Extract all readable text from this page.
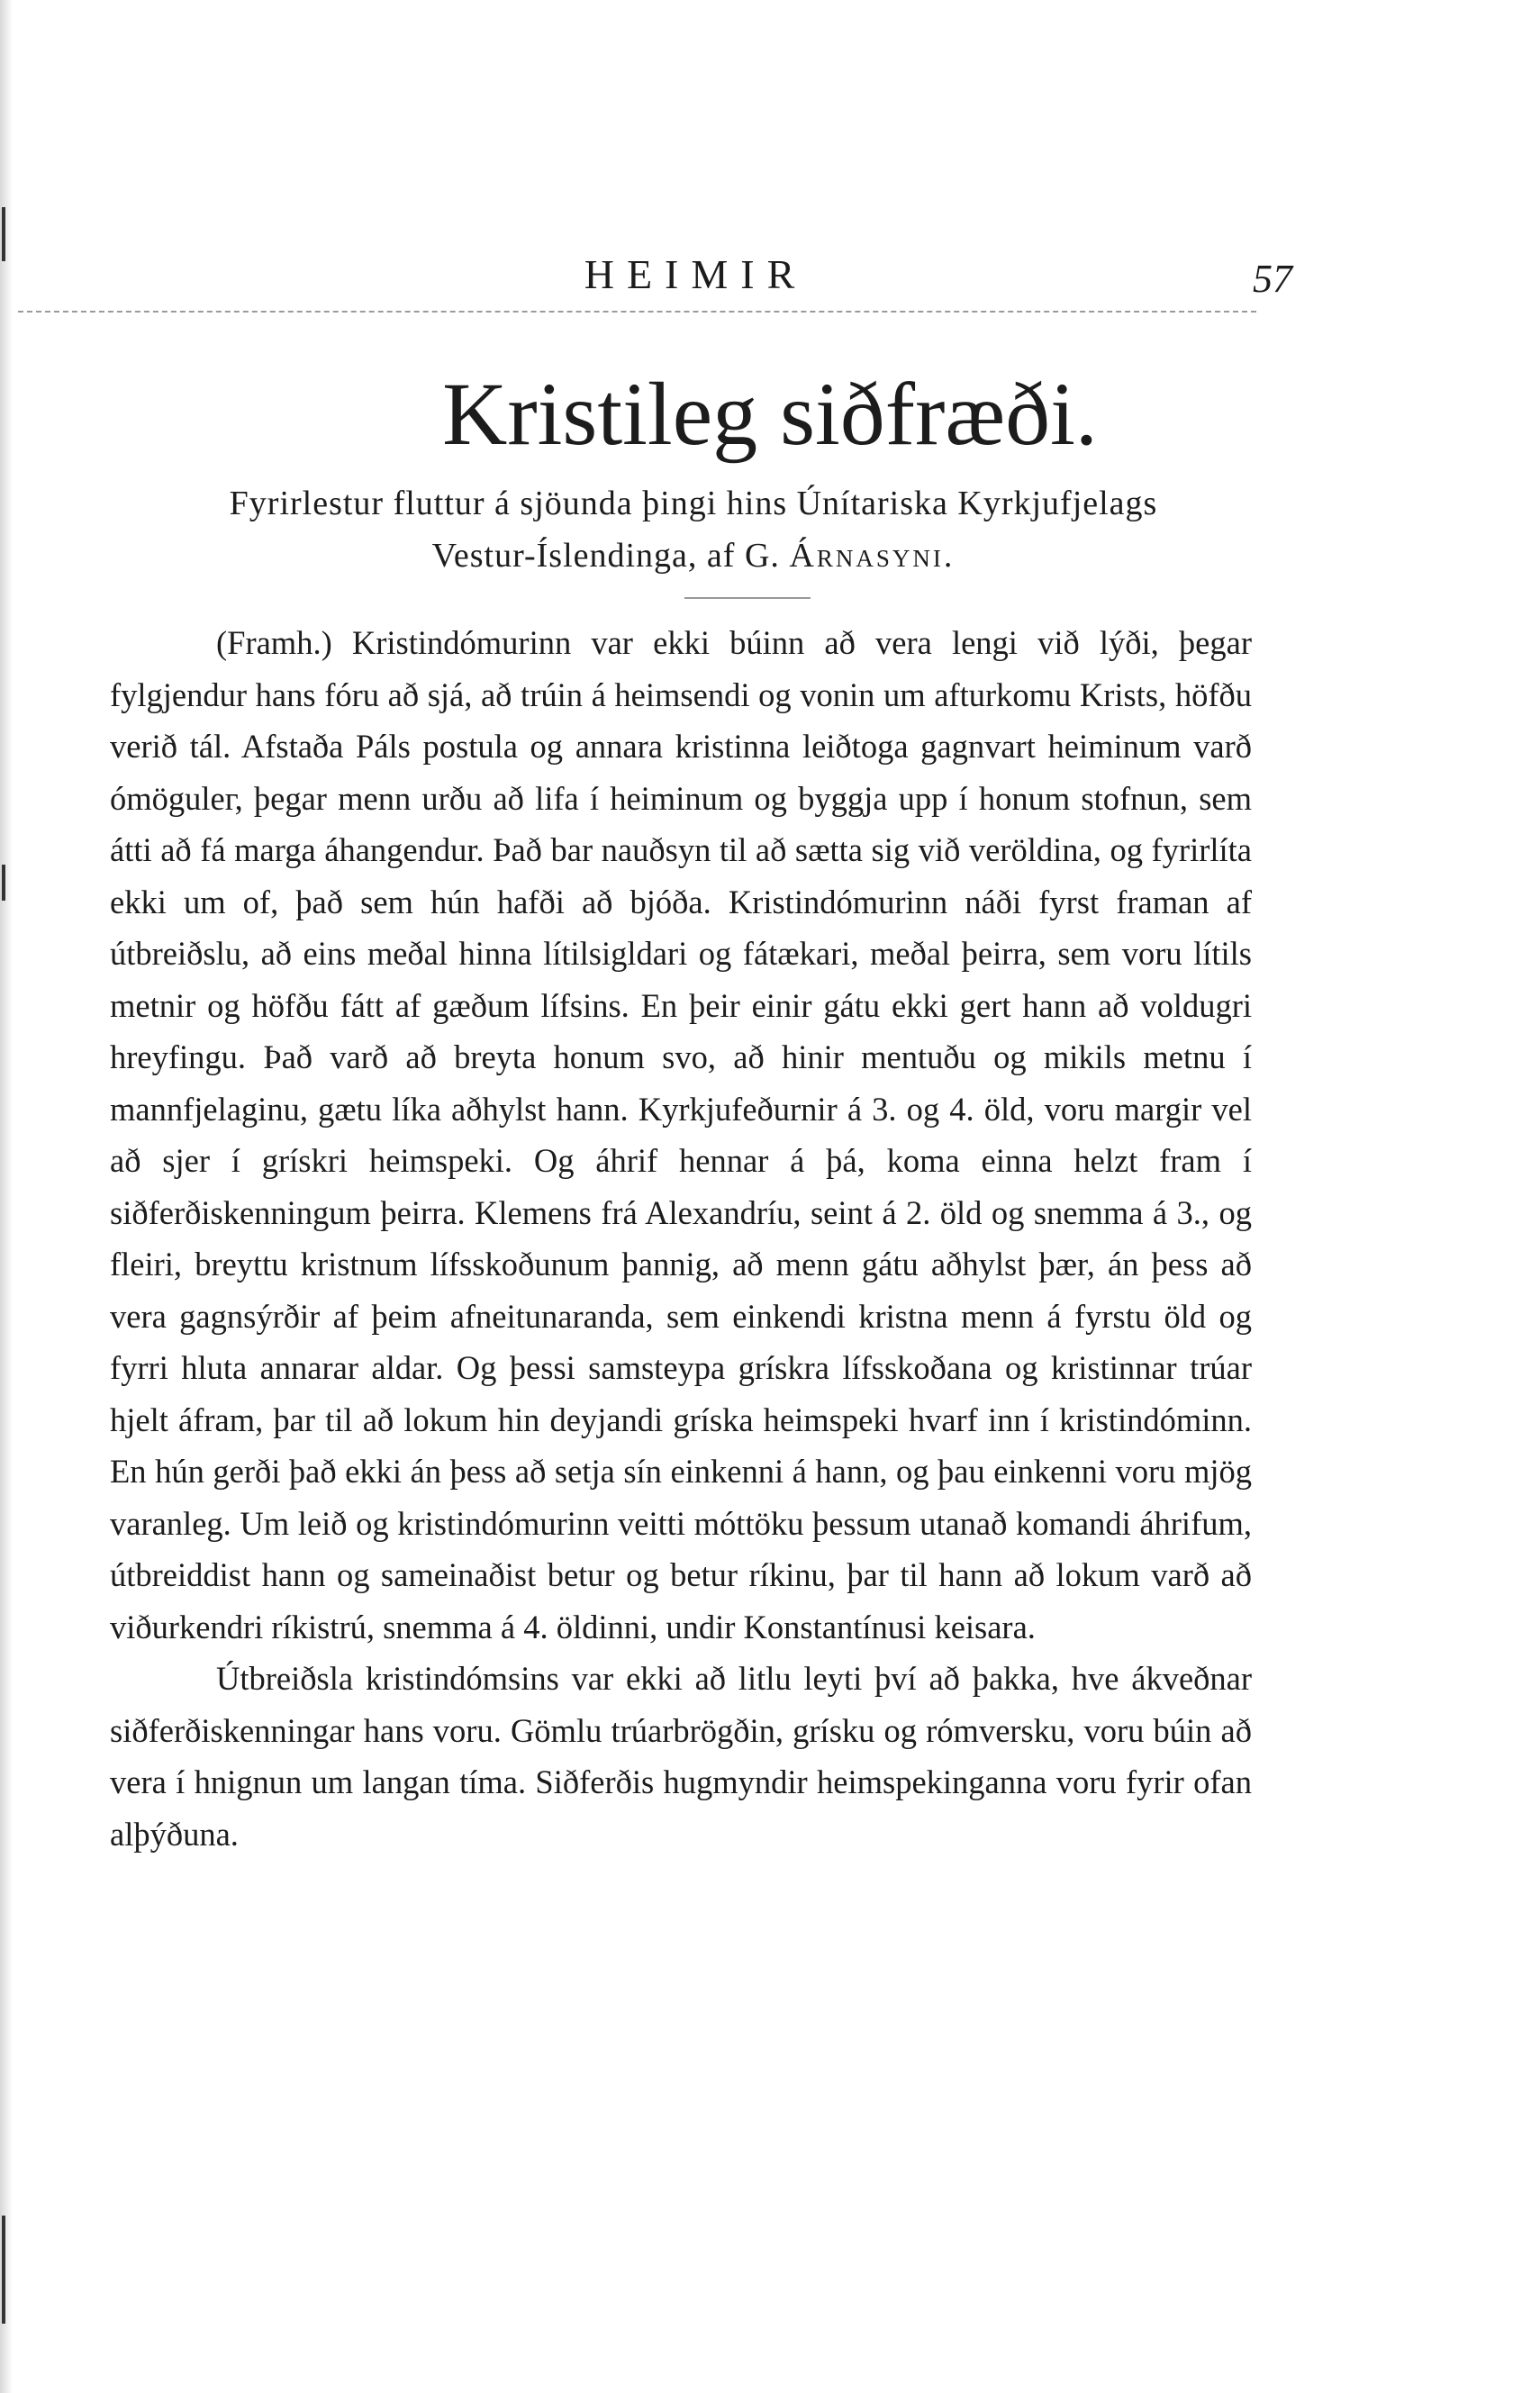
HEIMIR	57
Kristileg siðfræði.
Fyrirlestur fluttur á sjöunda þingi hins Únítariska Kyrkjufjelags
Vestur-Íslendinga, af G. Árnasyni.

(Framh.) Kristindómurinn var ekki búinn að vera lengi við lýði, þegar fylgjendur hans fóru að sjá, að trúin á heimsendi og vonin um afturkomu Krists, höfðu verið tál. Afstaða Páls postula og annara kristinna leiðtoga gagnvart heiminum varð ómögulег, þegar menn urðu að lifa í heiminum og byggja upp í honum stofnun, sem átti að fá marga áhangendur. Það bar nauðsyn til að sætta sig við veröldina, og fyrirlíta ekki um of, það sem hún hafði að bjóða. Kristindómurinn náði fyrst framan af útbreiðslu, að eins meðal hinna lítilsigldari og fátækari, meðal þeirra, sem voru lítils metnir og höfðu fátt af gæðum lífsins. En þeir einir gátu ekki gert hann að voldugri hreyfingu. Það varð að breyta honum svo, að hinir mentuðu og mikils metnu í mannfjelaginu, gætu líka aðhylst hann. Kyrkjufeðurnir á 3. og 4. öld, voru margir vel að sjer í grískri heimspeki. Og áhrif hennar á þá, koma einna helzt fram í siðferðiskenningum þeirra. Klemens frá Alexandríu, seint á 2. öld og snemma á 3., og fleiri, breyttu kristnum lífsskoðunum þannig, að menn gátu aðhylst þær, án þess að vera gagnsýrðir af þeim afneitunaranda, sem einkendi kristna menn á fyrstu öld og fyrri hluta annarar aldar. Og þessi samsteypa grískra lífsskoðana og kristinnar trúar hjelt áfram, þar til að lokum hin deyjandi gríska heimspeki hvarf inn í kristindóminn. En hún gerði það ekki án þess að setja sín einkenni á hann, og þau einkenni voru mjög varanleg. Um leið og kristindómurinn veitti móttöku þessum utanað komandi áhrifum, útbreiddist hann og sameinaðist betur og betur ríkinu, þar til hann að lokum varð að viðurkendri ríkistrú, snemma á 4. öldinni, undir Konstantínusi keisara.

Útbreiðsla kristindómsins var ekki að litlu leyti því að þakka, hve ákveðnar siðferðiskenningar hans voru. Gömlu trúarbrögðin, grísku og rómversku, voru búin að vera í hnignun um langan tíma. Siðferðis hugmyndir heimspekinganna voru fyrir ofan alþýðuna.
